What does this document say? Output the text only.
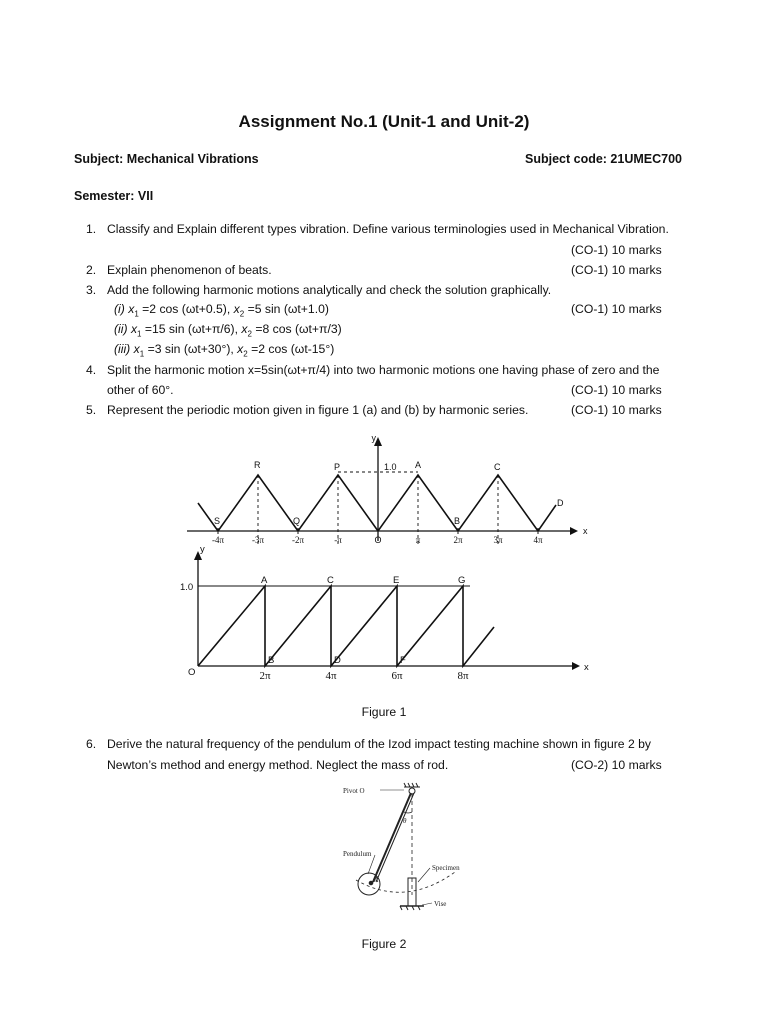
Assignment No.1 (Unit-1 and Unit-2)
Subject: Mechanical Vibrations	Subject code: 21UMEC700
Semester: VII
1. Classify and Explain different types vibration. Define various terminologies used in Mechanical Vibration.
(CO-1) 10 marks
2. Explain phenomenon of beats.	(CO-1) 10 marks
3. Add the following harmonic motions analytically and check the solution graphically.
(i) $x_1 =2$ cos (ωt+0.5), $x_2 =5$ sin (ωt+1.0)	(CO-1) 10 marks
(ii) $x_1 =15$ sin (ωt+π/6), $x_2 =8$ cos (ωt+π/3)
(iii) $x_1 =3$ sin (ωt+30°), $x_2 =2$ cos (ωt-15°)
4. Split the harmonic motion x=5sin(ωt+π/4) into two harmonic motions one having phase of zero and the
other of 60°.	(CO-1) 10 marks
5. Represent the periodic motion given in figure 1 (a) and (b) by harmonic series.	(CO-1) 10 marks
y
x
1.0
S
R
Q
P	A
B
C
D
-4π	-3π	-2π	-π	O	π	2π	3π	4π
y
x
1.0
O
A	C	E	G
B	D	F
2π	4π	6π	8π
Pivot O
θ
Pendulum
A
Specimen
Vise
Figure 1
6. Derive the natural frequency of the pendulum of the Izod impact testing machine shown in figure 2 by
Newton’s method and energy method. Neglect the mass of rod.	(CO-2) 10 marks
Figure 2
